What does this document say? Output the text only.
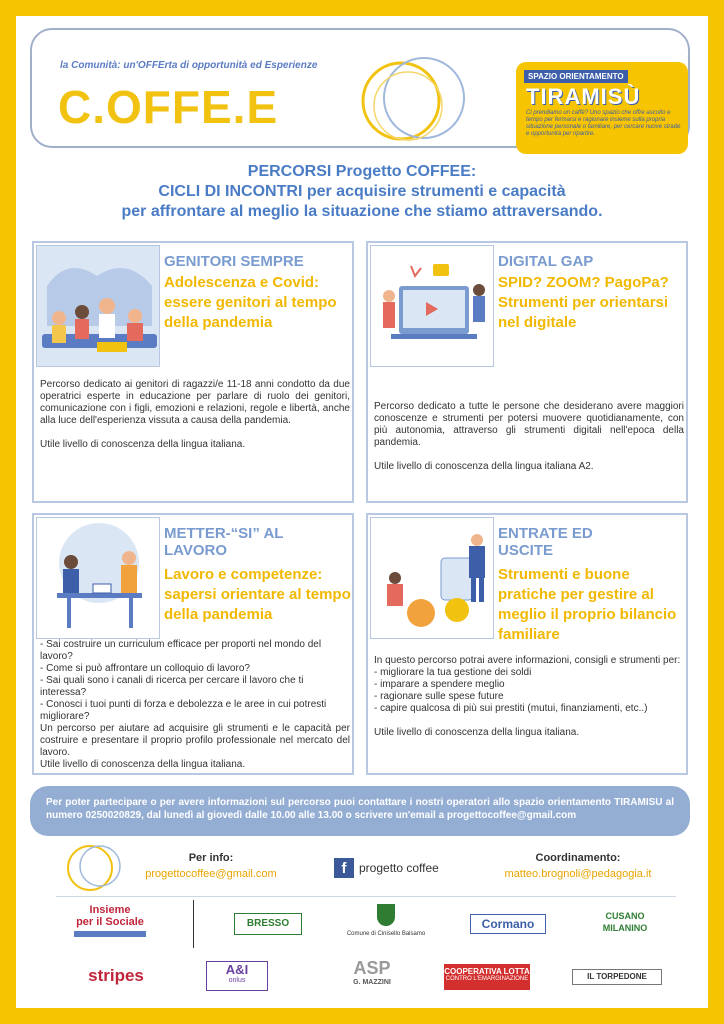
la Comunità: un'OFFErta di opportunità ed Esperienze
C.OFFE.E
SPAZIO ORIENTAMENTO
TIRAMISÙ
Ci prendiamo un caffè? Uno spazio che offre ascolto e tempo per fermarsi e ragionare insieme sulla propria situazione personale o familiare, per cercare nuove strade e opportunità per ripartire.
PERCORSI Progetto COFFEE:
CICLI DI INCONTRI per acquisire strumenti e capacità
per affrontare al meglio la situazione che stiamo attraversando.
GENITORI SEMPRE
Adolescenza e Covid: essere genitori al tempo della pandemia

Percorso dedicato ai genitori di ragazzi/e 11-18 anni condotto da due operatrici esperte in educazione per parlare di ruolo dei genitori, comunicazione con i figli, emozioni e relazioni, regole e libertà, anche alla luce dell'esperienza vissuta a causa della pandemia.

Utile livello di conoscenza della lingua italiana.

DIGITAL GAP
SPID? ZOOM? PagoPa? Strumenti per orientarsi nel digitale

Percorso dedicato a tutte le persone che desiderano avere maggiori conoscenze e strumenti per potersi muovere quotidianamente, con più autonomia, attraverso gli strumenti digitali nell'epoca della pandemia.

Utile livello di conoscenza della lingua italiana A2.

METTER-“SI” AL LAVORO
Lavoro e competenze: sapersi orientare al tempo della pandemia
- Sai costruire un curriculum efficace per proporti nel mondo del lavoro?
- Come si può affrontare un colloquio di lavoro?
- Sai quali sono i canali di ricerca per cercare il lavoro che ti interessa?
- Conosci i tuoi punti di forza e debolezza e le aree in cui potresti migliorare?
Un percorso per aiutare ad acquisire gli strumenti e le capacità per costruire e presentare il proprio profilo professionale nel mercato del lavoro.
Utile livello di conoscenza della lingua italiana.
ENTRATE ED USCITE
Strumenti e buone pratiche per gestire al meglio il proprio bilancio familiare
In questo percorso potrai avere informazioni, consigli e strumenti per:
- migliorare la tua gestione dei soldi
- imparare a spendere meglio
- ragionare sulle spese future
- capire qualcosa di più sui prestiti (mutui, finanziamenti, etc..)
Utile livello di conoscenza della lingua italiana.
Per poter partecipare o per avere informazioni sul percorso puoi contattare i nostri operatori allo spazio orientamento TIRAMISU al numero 0250020829, dal lunedì al giovedì dalle 10.00 alle 13.00 o scrivere un'email a progettocoffee@gmail.com
Per info:
progettocoffee@gmail.com	f	progetto coffee
Coordinamento:
matteo.brognoli@pedagogia.it
Insieme
per il Sociale	BRESSO
Comune di Cinisello Balsamo
Cormano
CUSANO MILANINO
stripes	A&I
onlus
ASP
G. MAZZINI
COOPERATIVA LOTTA
CONTRO L'EMARGINAZIONE	IL TORPEDONE
